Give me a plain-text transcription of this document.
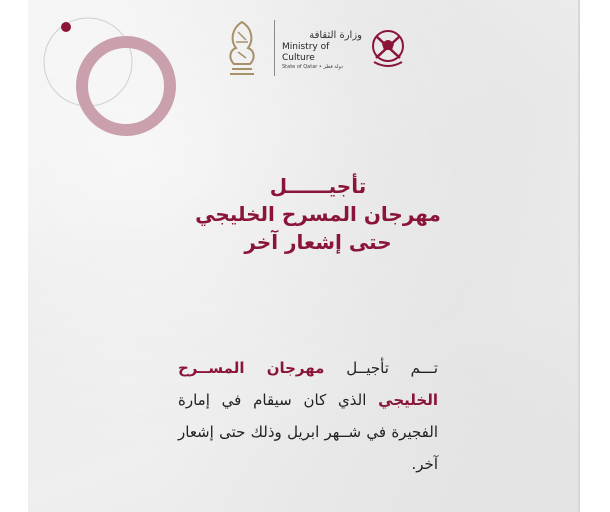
وزارة الثقافة
Ministry of Culture
State of Qatar • دولة قطر
تأجيــــــل
مهرجان المسرح الخليجي
حتى إشعار آخر
تـــم تأجيــل مهرجان المســرح الخليجي الذي كان سيقام في إمارة الفجيرة في شــهر ابريل وذلك حتى إشعار آخر.
